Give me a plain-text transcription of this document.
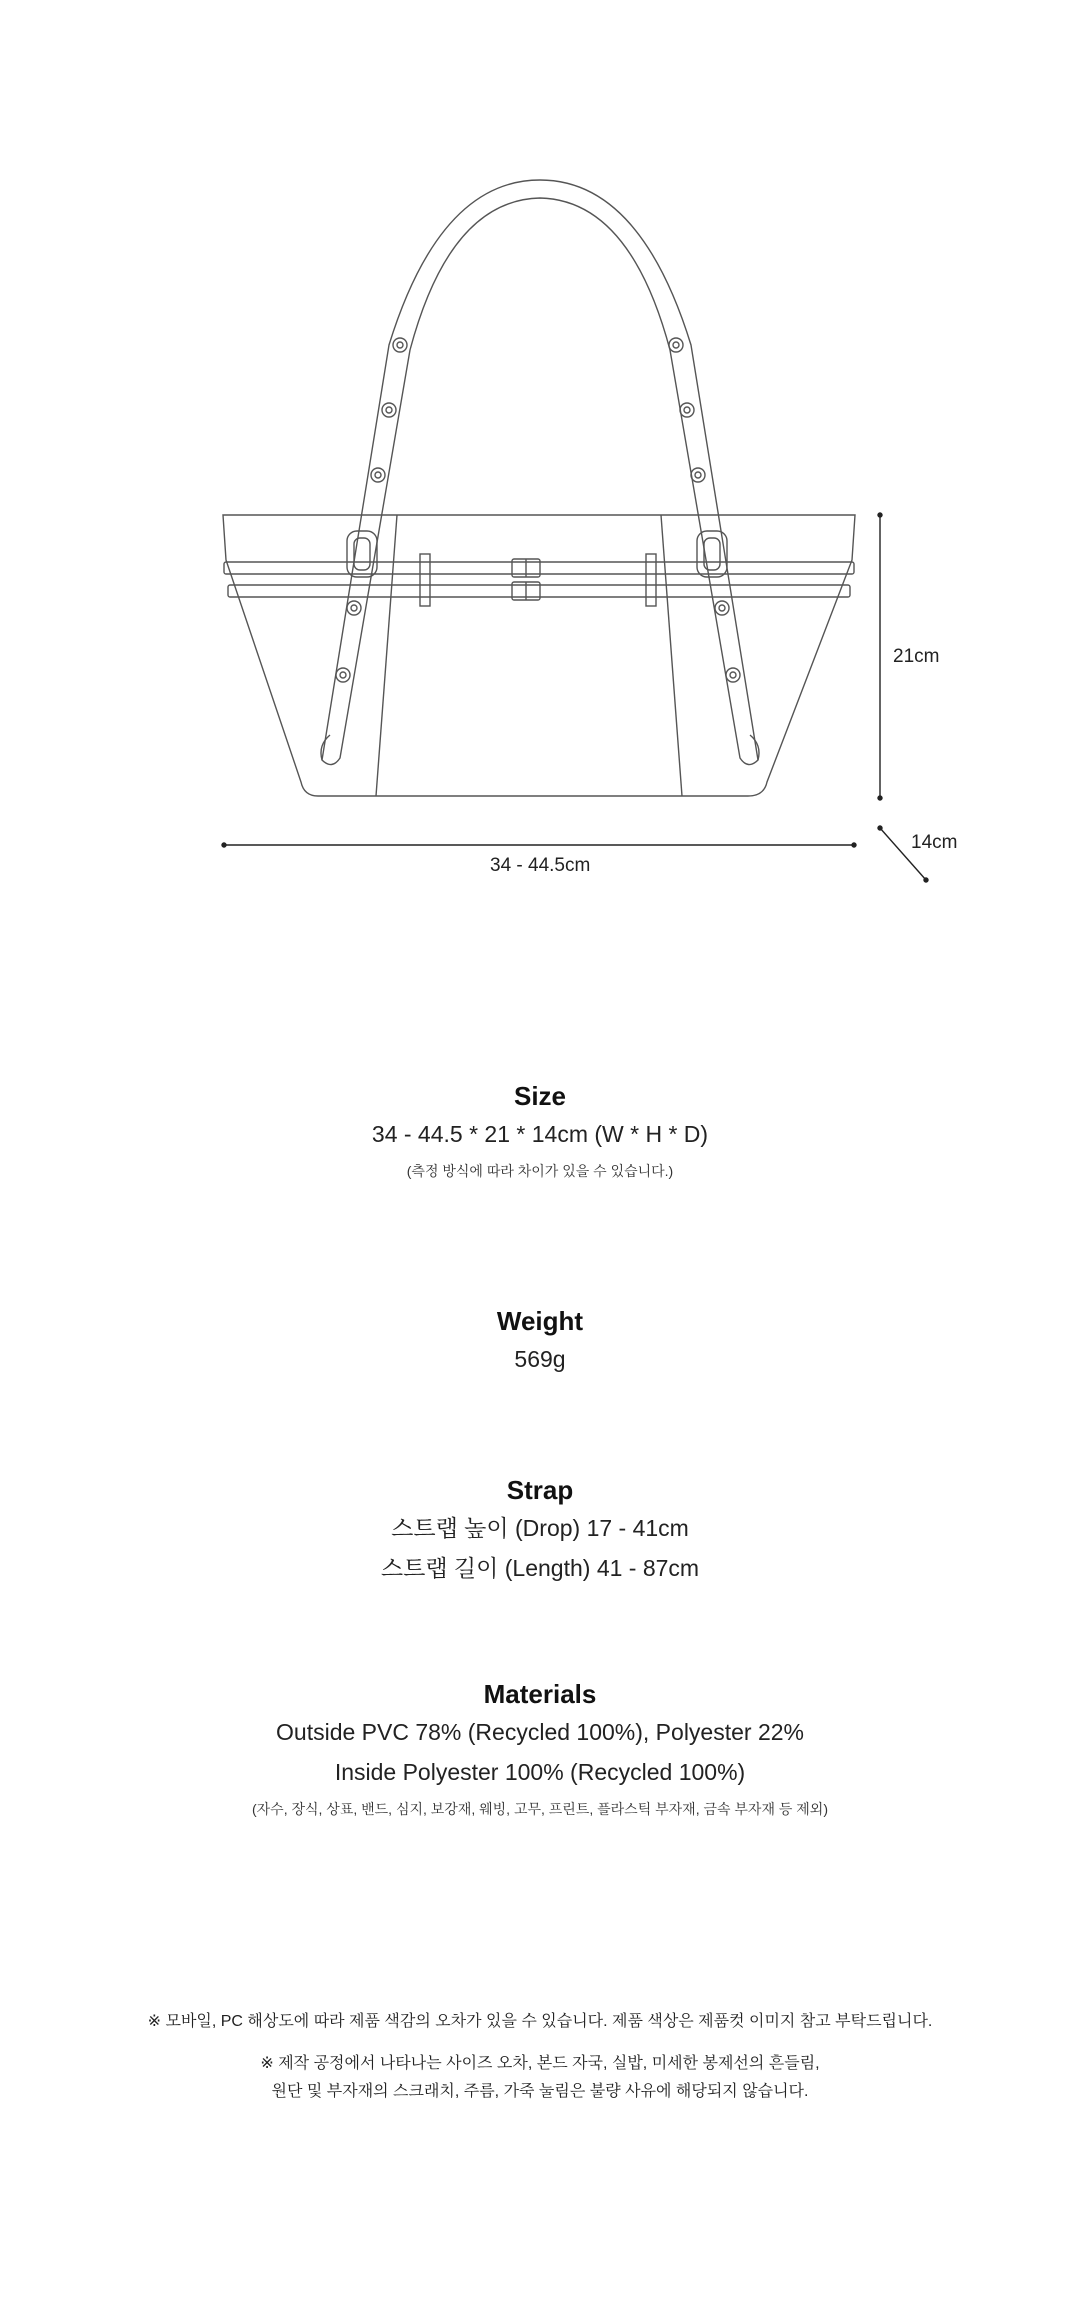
21cm
14cm
34 - 44.5cm

Size

34 - 44.5 * 21 * 14cm (W * H * D)

(측정 방식에 따라 차이가 있을 수 있습니다.)

Weight

569g

Strap

스트랩 높이 (Drop) 17 - 41cm

스트랩 길이 (Length) 41 - 87cm

Materials

Outside PVC 78% (Recycled 100%), Polyester 22%

Inside Polyester 100% (Recycled 100%)

(자수, 장식, 상표, 밴드, 심지, 보강재, 웨빙, 고무, 프린트, 플라스틱 부자재, 금속 부자재 등 제외)

※ 모바일, PC 해상도에 따라 제품 색감의 오차가 있을 수 있습니다. 제품 색상은 제품컷 이미지 참고 부탁드립니다.
※ 제작 공정에서 나타나는 사이즈 오차, 본드 자국, 실밥, 미세한 봉제선의 흔들림,
원단 및 부자재의 스크래치, 주름, 가죽 눌림은 불량 사유에 해당되지 않습니다.
